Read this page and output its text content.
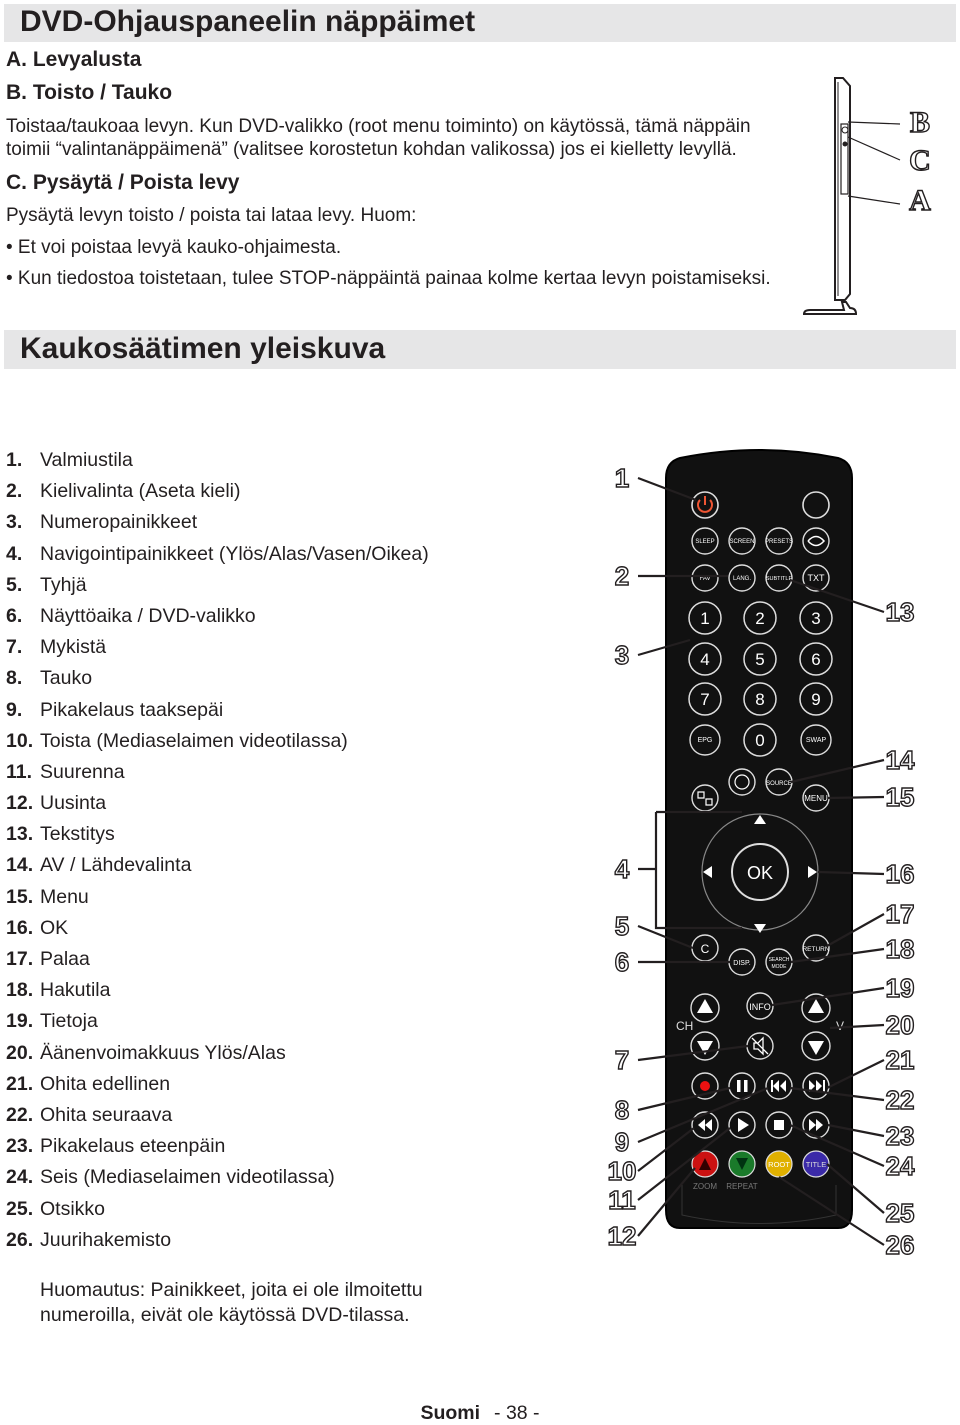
DVD-Ohjauspaneelin näppäimet
A. Levyalusta
B. Toisto / Tauko
Toistaa/taukoaa levyn. Kun DVD-valikko (root menu toiminto) on käytössä, tämä näppäin
toimii “valintanäppäimenä” (valitsee korostetun kohdan valikossa) jos ei kielletty levyllä.
C. Pysäytä / Poista levy
Pysäytä levyn toisto / poista tai lataa levy. Huom:
• Et voi poistaa levyä kauko-ohjaimesta.
• Kun tiedostoa toistetaan, tulee STOP-näppäintä painaa kolme kertaa levyn poistamiseksi.
B
C
A
Kaukosäätimen yleiskuva
1. Valmiustila
2. Kielivalinta (Aseta kieli)
3. Numeropainikkeet
4. Navigointipainikkeet (Ylös/Alas/Vasen/Oikea)
5. Tyhjä
6. Näyttöaika / DVD-valikko
7. Mykistä
8. Tauko
9. Pikakelaus taaksepäi
10. Toista (Mediaselaimen videotilassa)
11. Suurenna
12. Uusinta
13. Tekstitys
14. AV / Lähdevalinta
15. Menu
16. OK
17. Palaa
18. Hakutila
19. Tietoja
20. Äänenvoimakkuus Ylös/Alas
21. Ohita edellinen
22. Ohita seuraava
23. Pikakelaus eteenpäin
24. Seis (Mediaselaimen videotilassa)
25. Otsikko
26. Juurihakemisto
Huomautus: Painikkeet, joita ei ole ilmoitettu
numeroilla, eivät ole käytössä DVD-tilassa.
Suomi - 38 -
SLEEP SCREEN PRESETS
FAV	LANG.	SUBTITLE TXT
1	2	3
4	5	6
7	8	9
0
EPG	SWAP
SOURCE
MENU
OK
C
DISP.	SEARCH
MODE
RETURN
CH	V
INFO
ROOT TITLE
ZOOM REPEAT
1
2
3
4
5
6
7
8
9
10
11
12
13
14
15
16
17
18
19
20
21
22
23
24
25
26
